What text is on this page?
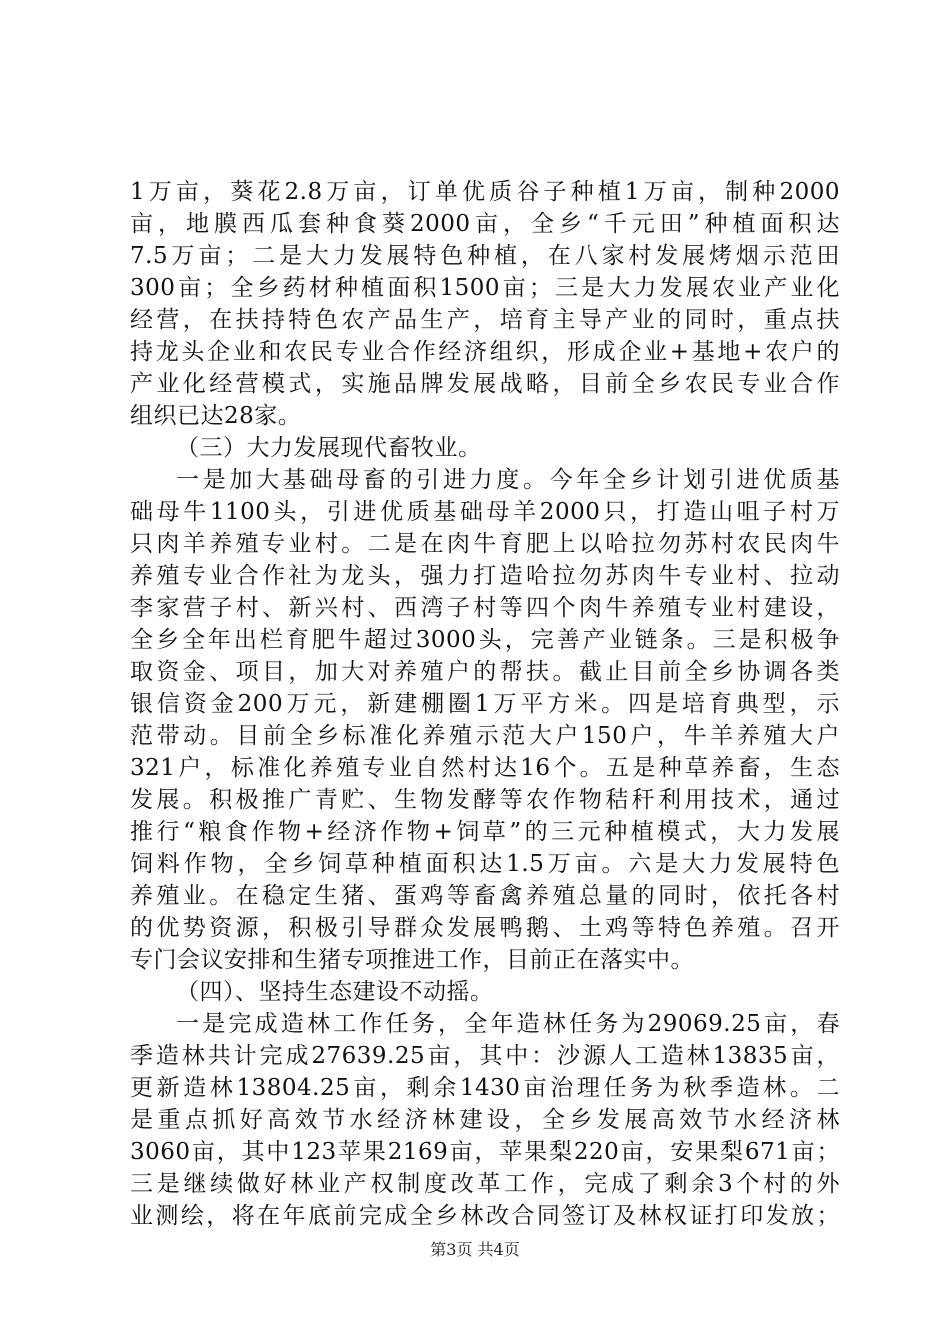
1万亩，葵花2.8万亩，订单优质谷子种植1万亩，制种2000
亩，地膜西瓜套种食葵2000亩，全乡“千元田”种植面积达
7.5万亩；二是大力发展特色种植，在八家村发展烤烟示范田
300亩；全乡药材种植面积1500亩；三是大力发展农业产业化
经营，在扶持特色农产品生产，培育主导产业的同时，重点扶
持龙头企业和农民专业合作经济组织，形成企业+基地+农户的
产业化经营模式，实施品牌发展战略，目前全乡农民专业合作
组织已达28家。
（三）大力发展现代畜牧业。
一是加大基础母畜的引进力度。今年全乡计划引进优质基
础母牛1100头，引进优质基础母羊2000只，打造山咀子村万
只肉羊养殖专业村。二是在肉牛育肥上以哈拉勿苏村农民肉牛
养殖专业合作社为龙头，强力打造哈拉勿苏肉牛专业村、拉动
李家营子村、新兴村、西湾子村等四个肉牛养殖专业村建设，
全乡全年出栏育肥牛超过3000头，完善产业链条。三是积极争
取资金、项目，加大对养殖户的帮扶。截止目前全乡协调各类
银信资金200万元，新建棚圈1万平方米。四是培育典型，示
范带动。目前全乡标准化养殖示范大户150户，牛羊养殖大户
321户，标准化养殖专业自然村达16个。五是种草养畜，生态
发展。积极推广青贮、生物发酵等农作物秸秆利用技术，通过
推行“粮食作物+经济作物+饲草”的三元种植模式，大力发展
饲料作物，全乡饲草种植面积达1.5万亩。六是大力发展特色
养殖业。在稳定生猪、蛋鸡等畜禽养殖总量的同时，依托各村
的优势资源，积极引导群众发展鸭鹅、土鸡等特色养殖。召开
专门会议安排和生猪专项推进工作，目前正在落实中。
（四）、坚持生态建设不动摇。
一是完成造林工作任务，全年造林任务为29069.25亩，春
季造林共计完成27639.25亩，其中：沙源人工造林13835亩，
更新造林13804.25亩，剩余1430亩治理任务为秋季造林。二
是重点抓好高效节水经济林建设，全乡发展高效节水经济林
3060亩，其中123苹果2169亩，苹果梨220亩，安果梨671亩；
三是继续做好林业产权制度改革工作，完成了剩余3个村的外
业测绘，将在年底前完成全乡林改合同签订及林权证打印发放；
第3页 共4页
